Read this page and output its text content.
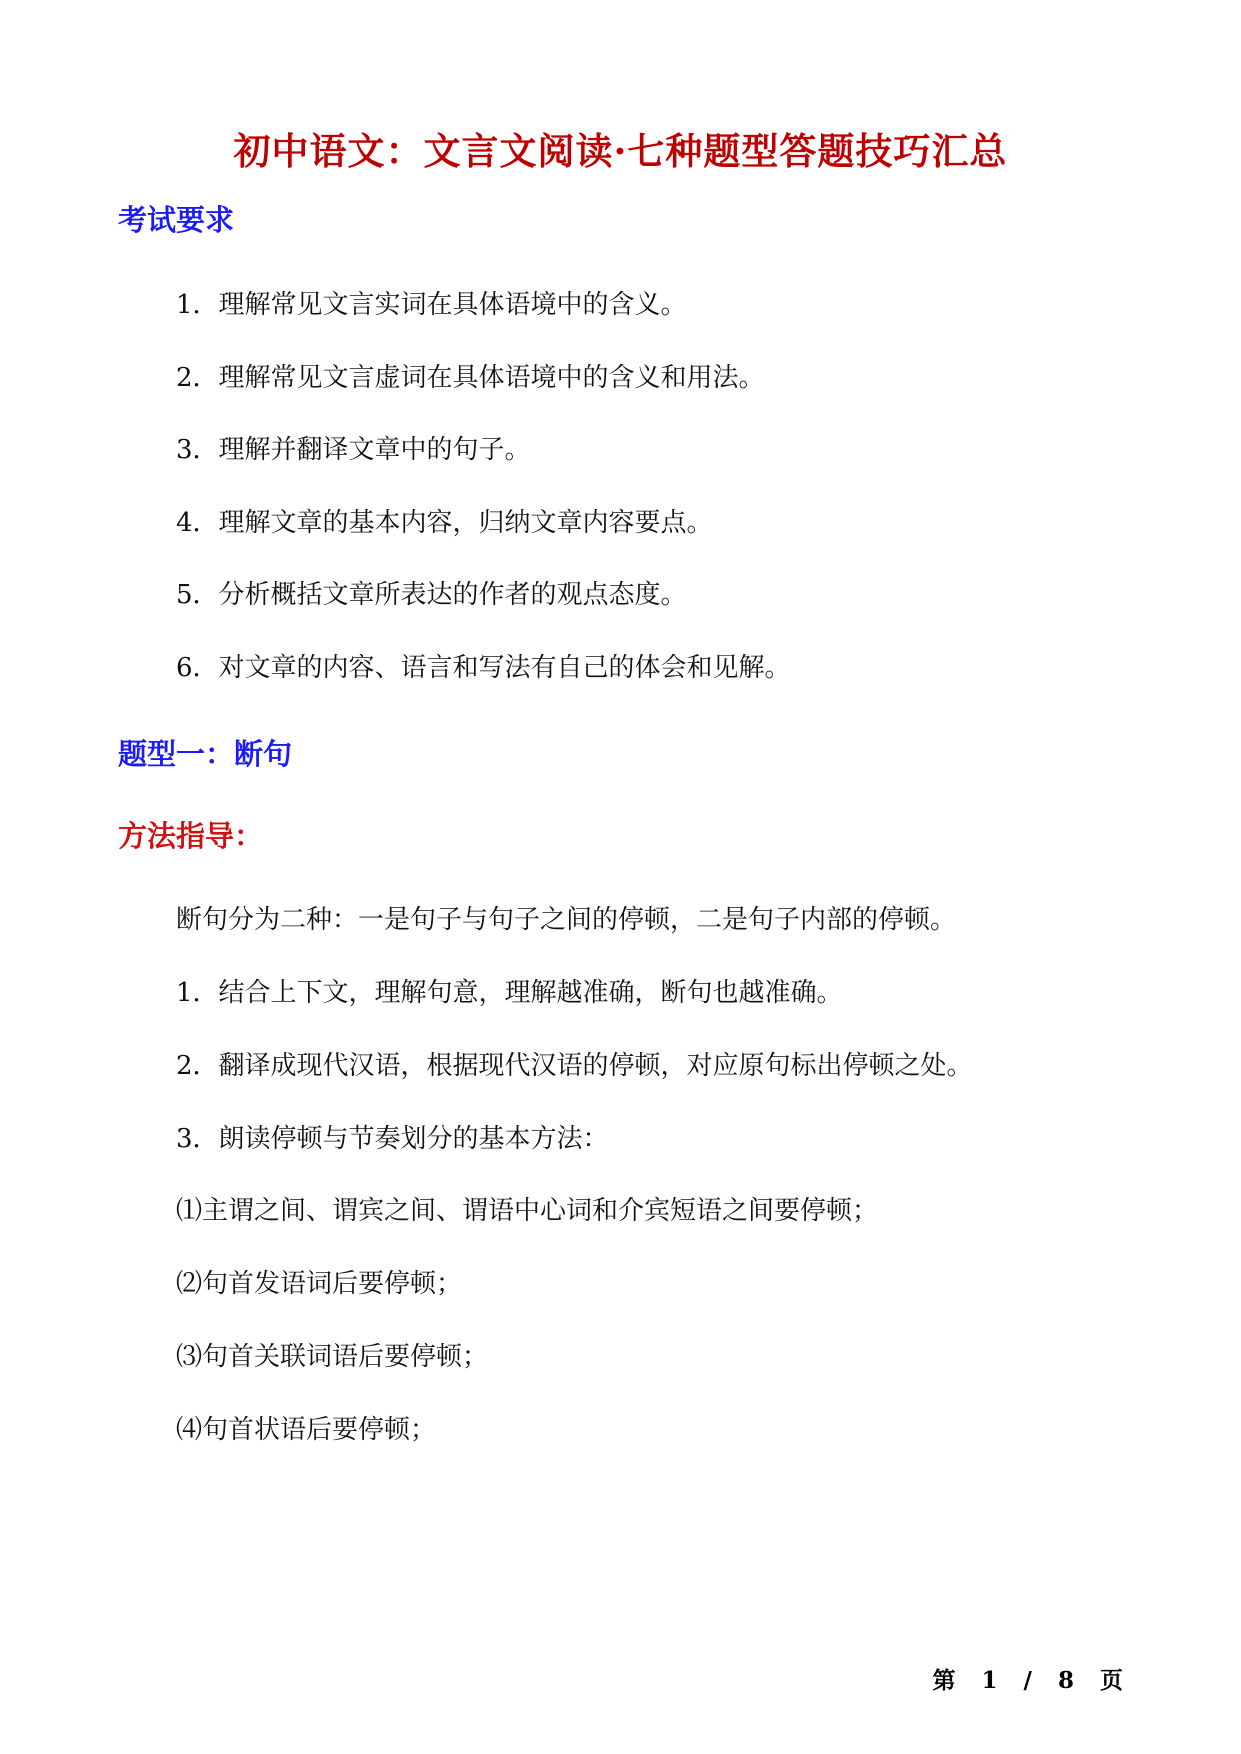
初中语文：文言文阅读·七种题型答题技巧汇总
考试要求
1．理解常见文言实词在具体语境中的含义。
2．理解常见文言虚词在具体语境中的含义和用法。
3．理解并翻译文章中的句子。
4．理解文章的基本内容，归纳文章内容要点。
5．分析概括文章所表达的作者的观点态度。
6．对文章的内容、语言和写法有自己的体会和见解。
题型一：断句
方法指导：
断句分为二种：一是句子与句子之间的停顿，二是句子内部的停顿。
1．结合上下文，理解句意，理解越准确，断句也越准确。
2．翻译成现代汉语，根据现代汉语的停顿，对应原句标出停顿之处。
3．朗读停顿与节奏划分的基本方法：
⑴主谓之间、谓宾之间、谓语中心词和介宾短语之间要停顿；
⑵句首发语词后要停顿；
⑶句首关联词语后要停顿；
⑷句首状语后要停顿；
第 1 / 8 页
